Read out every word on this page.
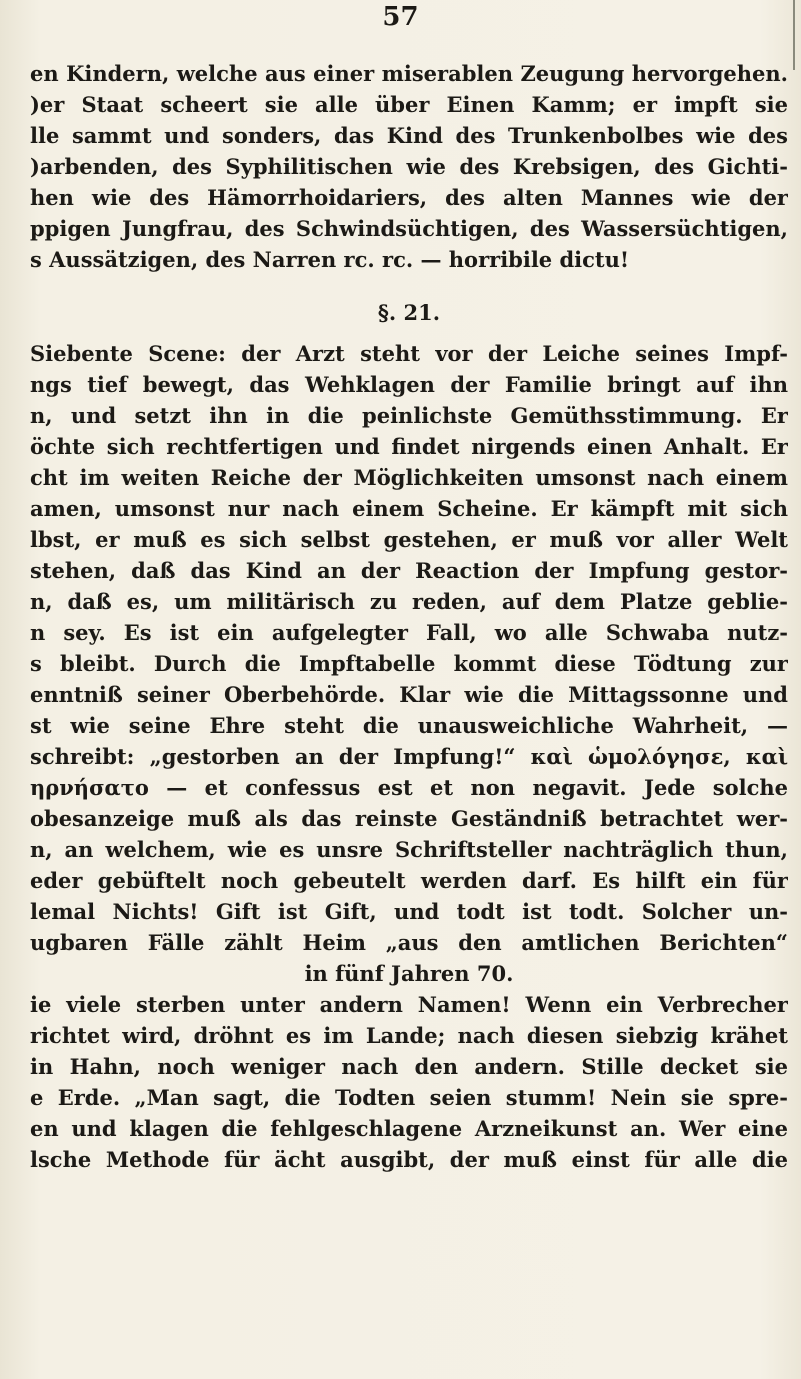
57
en Kindern, welche aus einer miserablen Zeugung hervorgehen.
)er Staat scheert sie alle über Einen Kamm; er impft sie
lle sammt und sonders, das Kind des Trunkenbolbes wie des
)arbenden, des Syphilitischen wie des Krebsigen, des Gichti-
hen wie des Hämorrhoidariers, des alten Mannes wie der
ppigen Jungfrau, des Schwindsüchtigen, des Wassersüchtigen,
s Aussätzigen, des Narren rc. rc. — horribile dictu!
§. 21.
Siebente Scene: der Arzt steht vor der Leiche seines Impf-
ngs tief bewegt, das Wehklagen der Familie bringt auf ihn
n, und setzt ihn in die peinlichste Gemüthsstimmung. Er
öchte sich rechtfertigen und findet nirgends einen Anhalt. Er
cht im weiten Reiche der Möglichkeiten umsonst nach einem
amen, umsonst nur nach einem Scheine. Er kämpft mit sich
lbst, er muß es sich selbst gestehen, er muß vor aller Welt
stehen, daß das Kind an der Reaction der Impfung gestor-
n, daß es, um militärisch zu reden, auf dem Platze geblie-
n sey. Es ist ein aufgelegter Fall, wo alle Schwaba nutz-
s bleibt. Durch die Impftabelle kommt diese Tödtung zur
enntniß seiner Oberbehörde. Klar wie die Mittagssonne und
st wie seine Ehre steht die unausweichliche Wahrheit, —
schreibt: „gestorben an der Impfung!“ καὶ ὡμολόγησε, καὶ
ηρνήσατο — et confessus est et non negavit. Jede solche
obesanzeige muß als das reinste Geständniß betrachtet wer-
n, an welchem, wie es unsre Schriftsteller nachträglich thun,
eder gebüftelt noch gebeutelt werden darf. Es hilft ein für
lemal Nichts! Gift ist Gift, und todt ist todt. Solcher un-
ugbaren Fälle zählt Heim „aus den amtlichen Berichten“
in fünf Jahren 70.
ie viele sterben unter andern Namen! Wenn ein Verbrecher
richtet wird, dröhnt es im Lande; nach diesen siebzig krähet
in Hahn, noch weniger nach den andern. Stille decket sie
e Erde. „Man sagt, die Todten seien stumm! Nein sie spre-
en und klagen die fehlgeschlagene Arzneikunst an. Wer eine
lsche Methode für ächt ausgibt, der muß einst für alle die
